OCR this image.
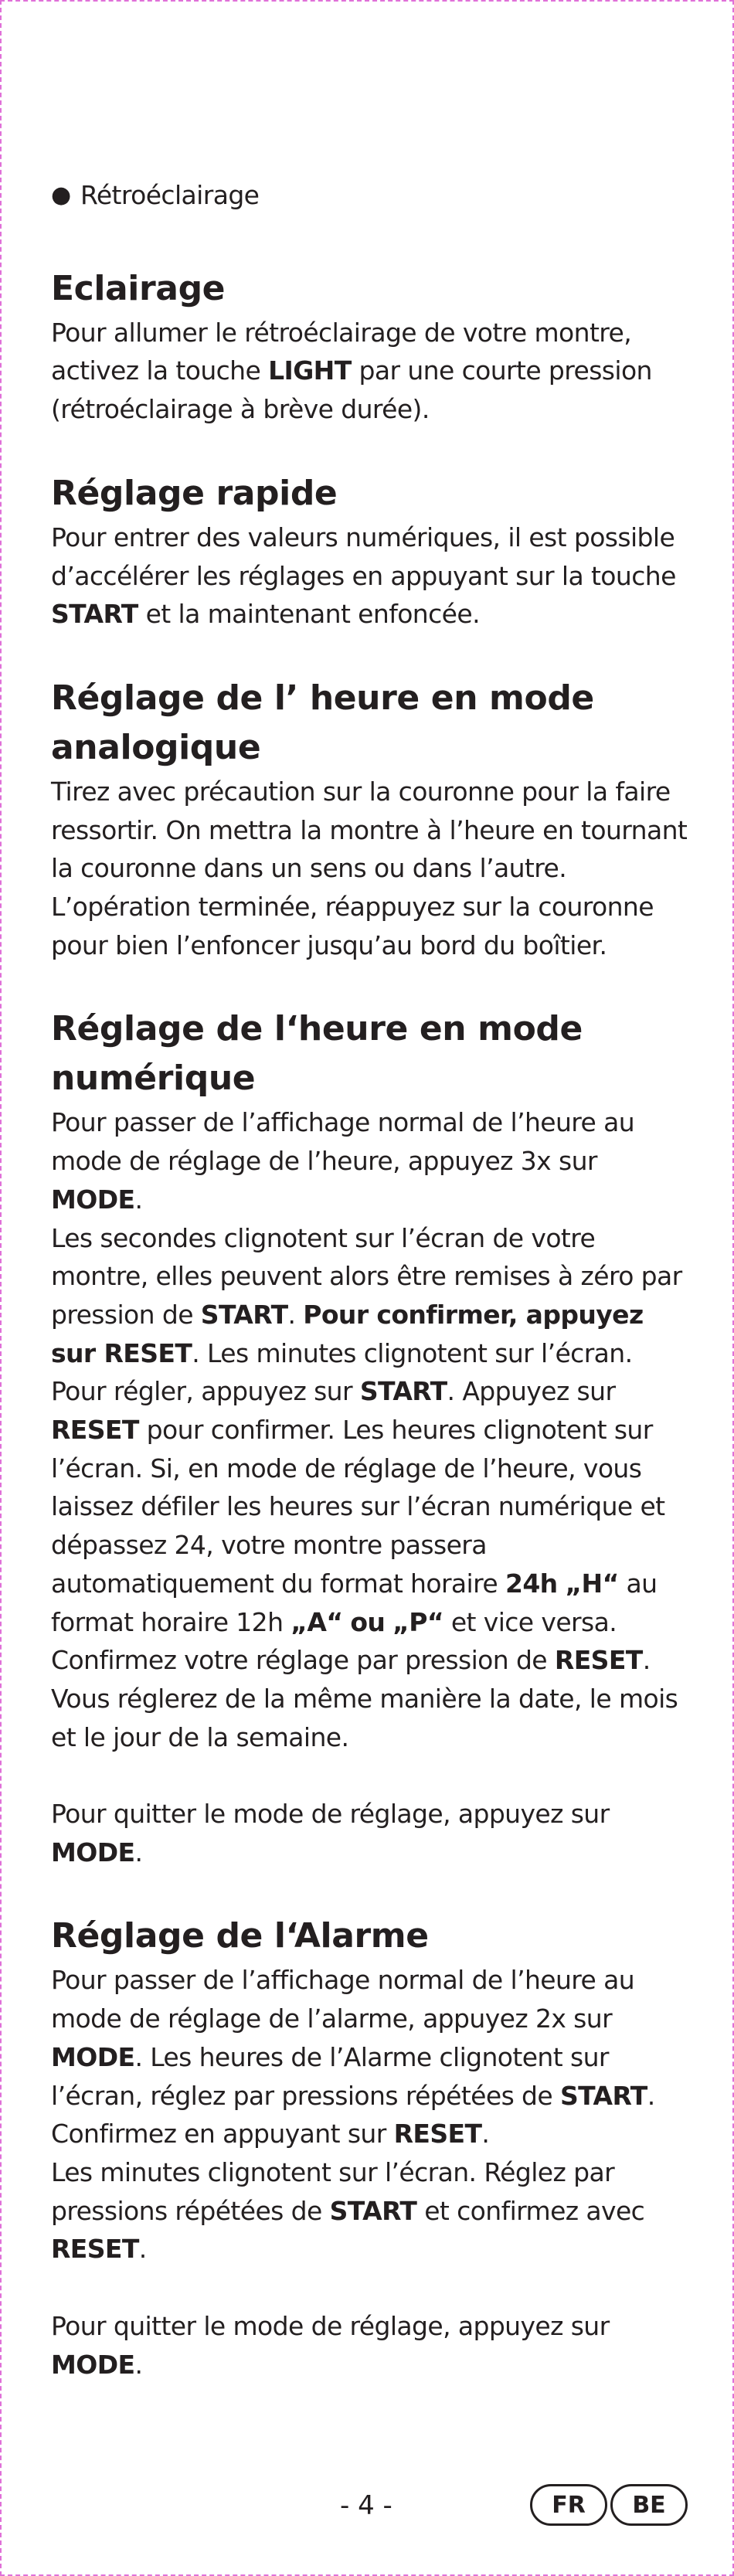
● Rétroéclairage
Eclairage

Pour allumer le rétroéclairage de votre montre, activez la touche LIGHT par une courte pression (rétroéclairage à brève durée).

Réglage rapide

Pour entrer des valeurs numériques, il est possible d’accélérer les réglages en appuyant sur la touche START et la maintenant enfoncée.

Réglage de l’ heure en mode analogique

Tirez avec précaution sur la couronne pour la faire ressortir. On mettra la montre à l’heure en tournant la couronne dans un sens ou dans l’autre. L’opération terminée, réappuyez sur la couronne pour bien l’enfoncer jusqu’au bord du boîtier.

Réglage de l‘heure en mode numérique

Pour passer de l’affichage normal de l’heure au mode de réglage de l’heure, appuyez 3x sur MODE.

Les secondes clignotent sur l’écran de votre montre, elles peuvent alors être remises à zéro par pression de START. Pour confirmer, appuyez sur RESET. Les minutes clignotent sur l’écran. Pour régler, appuyez sur START. Appuyez sur RESET pour confirmer. Les heures clignotent sur l’écran. Si, en mode de réglage de l’heure, vous laissez défiler les heures sur l’écran numérique et dépassez 24, votre montre passera automatiquement du format horaire 24h „H“ au format horaire 12h „A“ ou „P“ et vice versa.

Confirmez votre réglage par pression de RESET. Vous réglerez de la même manière la date, le mois et le jour de la semaine.

Pour quitter le mode de réglage, appuyez sur MODE.

Réglage de l‘Alarme

Pour passer de l’affichage normal de l’heure au mode de réglage de l’alarme, appuyez 2x sur MODE. Les heures de l’Alarme clignotent sur l’écran, réglez par pressions répétées de START. Confirmez en appuyant sur RESET.

Les minutes clignotent sur l’écran. Réglez par pressions répétées de START et confirmez avec RESET.

Pour quitter le mode de réglage, appuyez sur MODE.

- 4 -	FR	BE
